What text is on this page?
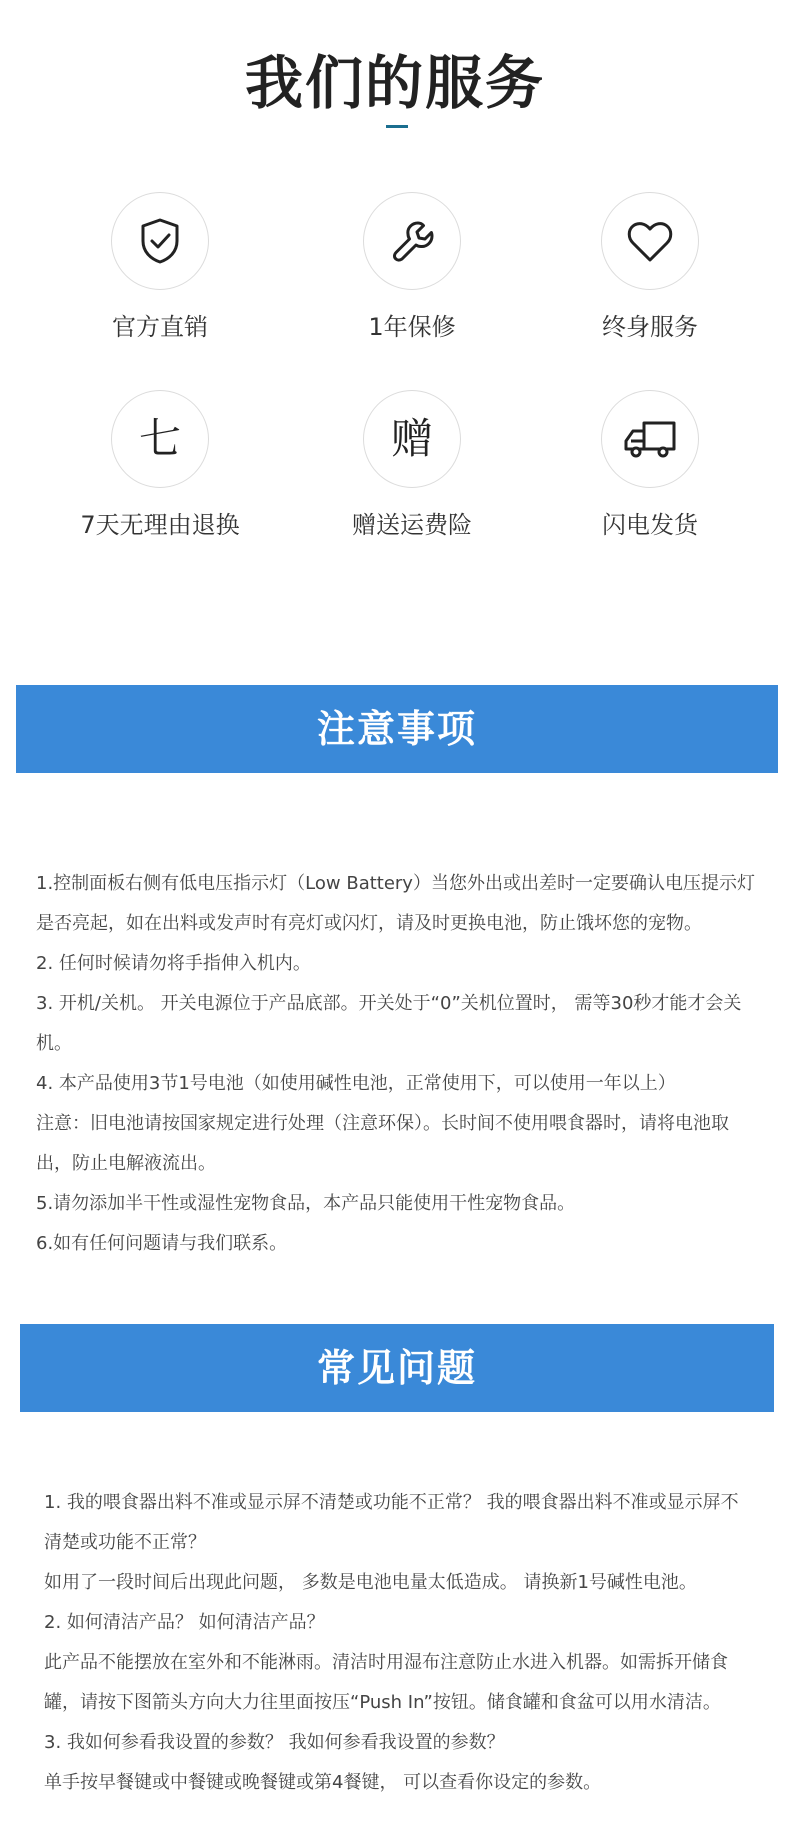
我们的服务
官方直销	1年保修	终身服务
七
7天无理由退换
赠
赠送运费险	闪电发货
注意事项

1.控制面板右侧有低电压指示灯（Low Battery）当您外出或出差时一定要确认电压提示灯是否亮起，如在出料或发声时有亮灯或闪灯，请及时更换电池，防止饿坏您的宠物。

2. 任何时候请勿将手指伸入机内。

3. 开机/关机。 开关电源位于产品底部。开关处于“0”关机位置时， 需等30秒才能才会关机。

4. 本产品使用3节1号电池（如使用碱性电池，正常使用下，可以使用一年以上）

注意：旧电池请按国家规定进行处理（注意环保）。长时间不使用喂食器时，请将电池取出，防止电解液流出。

5.请勿添加半干性或湿性宠物食品，本产品只能使用干性宠物食品。

6.如有任何问题请与我们联系。

常见问题

1. 我的喂食器出料不准或显示屏不清楚或功能不正常？ 我的喂食器出料不准或显示屏不清楚或功能不正常？

如用了一段时间后出现此问题， 多数是电池电量太低造成。 请换新1号碱性电池。

2. 如何清洁产品？ 如何清洁产品？

此产品不能摆放在室外和不能淋雨。清洁时用湿布注意防止水进入机器。如需拆开储食罐，请按下图箭头方向大力往里面按压“Push In”按钮。储食罐和食盆可以用水清洁。

3. 我如何参看我设置的参数？ 我如何参看我设置的参数？

单手按早餐键或中餐键或晚餐键或第4餐键， 可以查看你设定的参数。
